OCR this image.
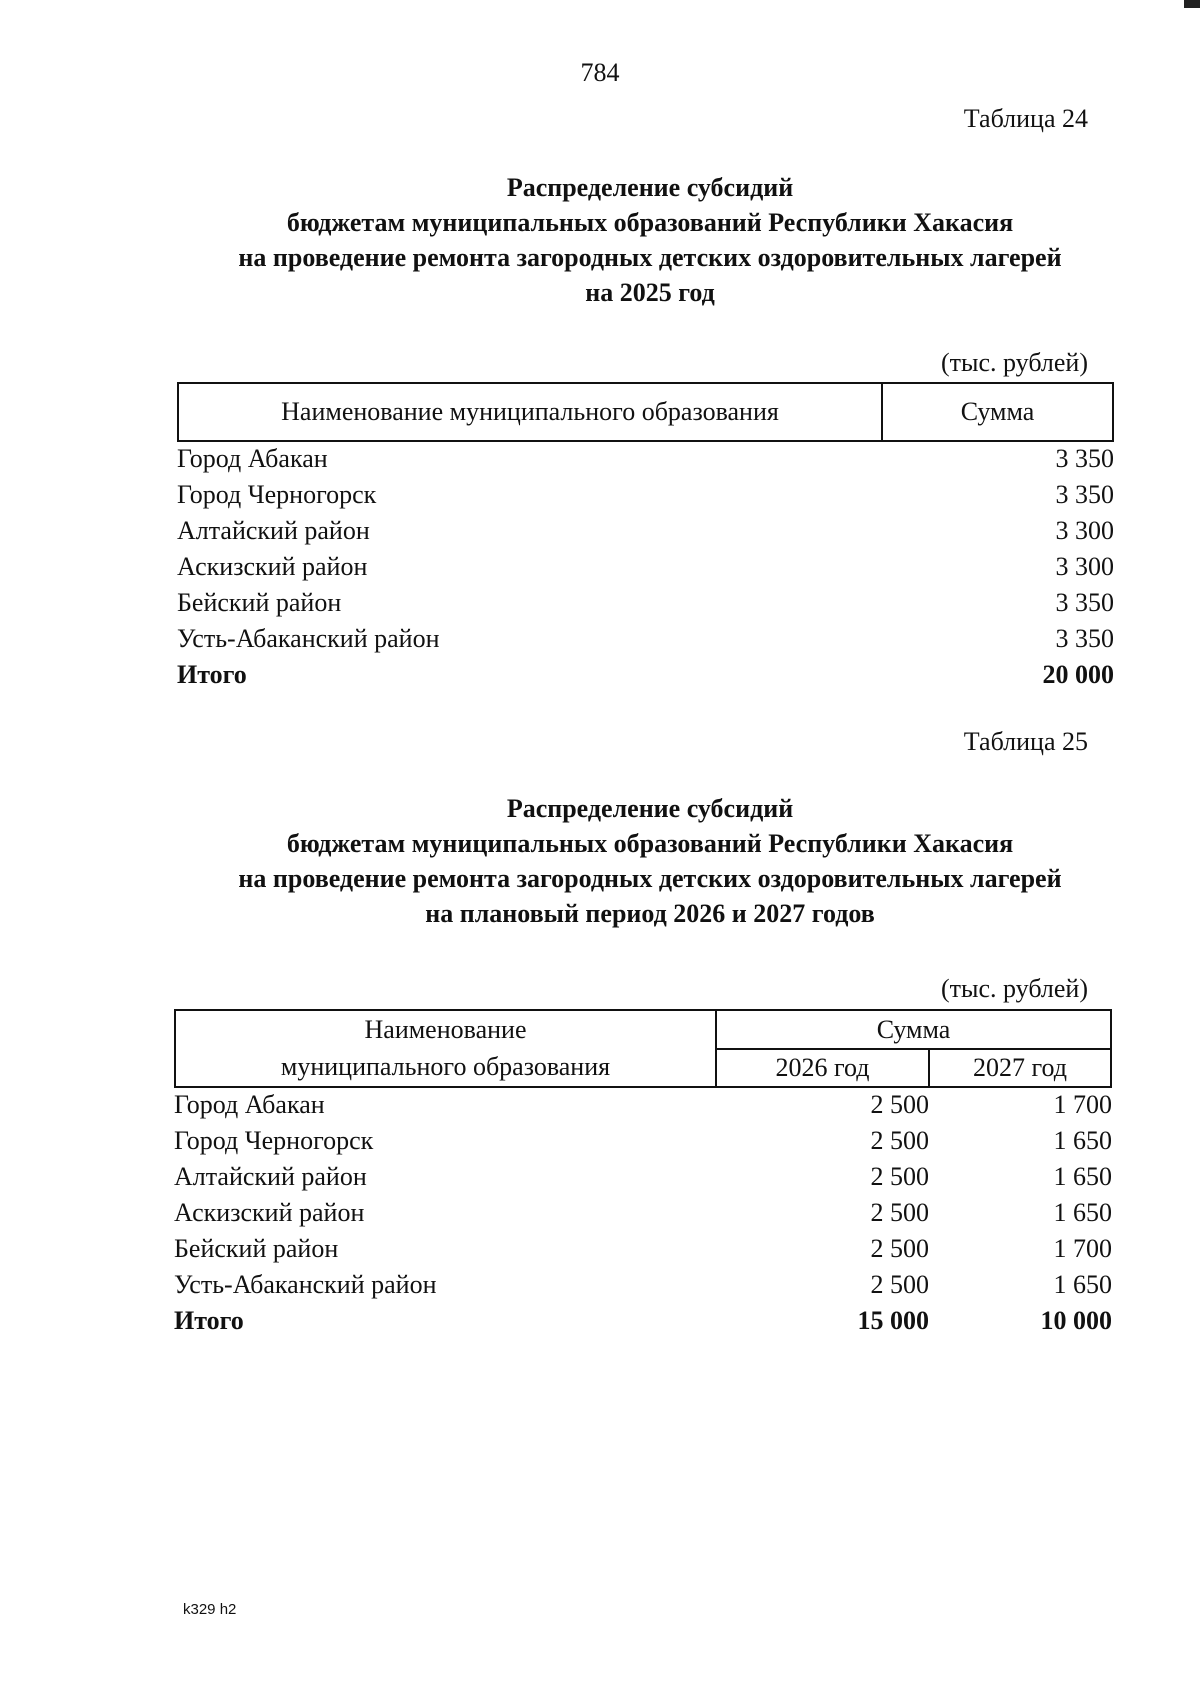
784
Таблица 24
Распределение субсидий
бюджетам муниципальных образований Республики Хакасия
на проведение ремонта загородных детских оздоровительных лагерей
на 2025 год
(тыс. рублей)
Наименование муниципального образования	Сумма
Город Абакан	3 350
Город Черногорск	3 350
Алтайский район	3 300
Аскизский район	3 300
Бейский район	3 350
Усть-Абаканский район	3 350
Итого	20 000
Таблица 25
Распределение субсидий
бюджетам муниципальных образований Республики Хакасия
на проведение ремонта загородных детских оздоровительных лагерей
на плановый период 2026 и 2027 годов
(тыс. рублей)
Наименование
муниципального образования
Сумма
2026 год	2027 год
Город Абакан	2 500	1 700
Город Черногорск	2 500	1 650
Алтайский район	2 500	1 650
Аскизский район	2 500	1 650
Бейский район	2 500	1 700
Усть-Абаканский район	2 500	1 650
Итого	15 000	10 000
k329 h2
